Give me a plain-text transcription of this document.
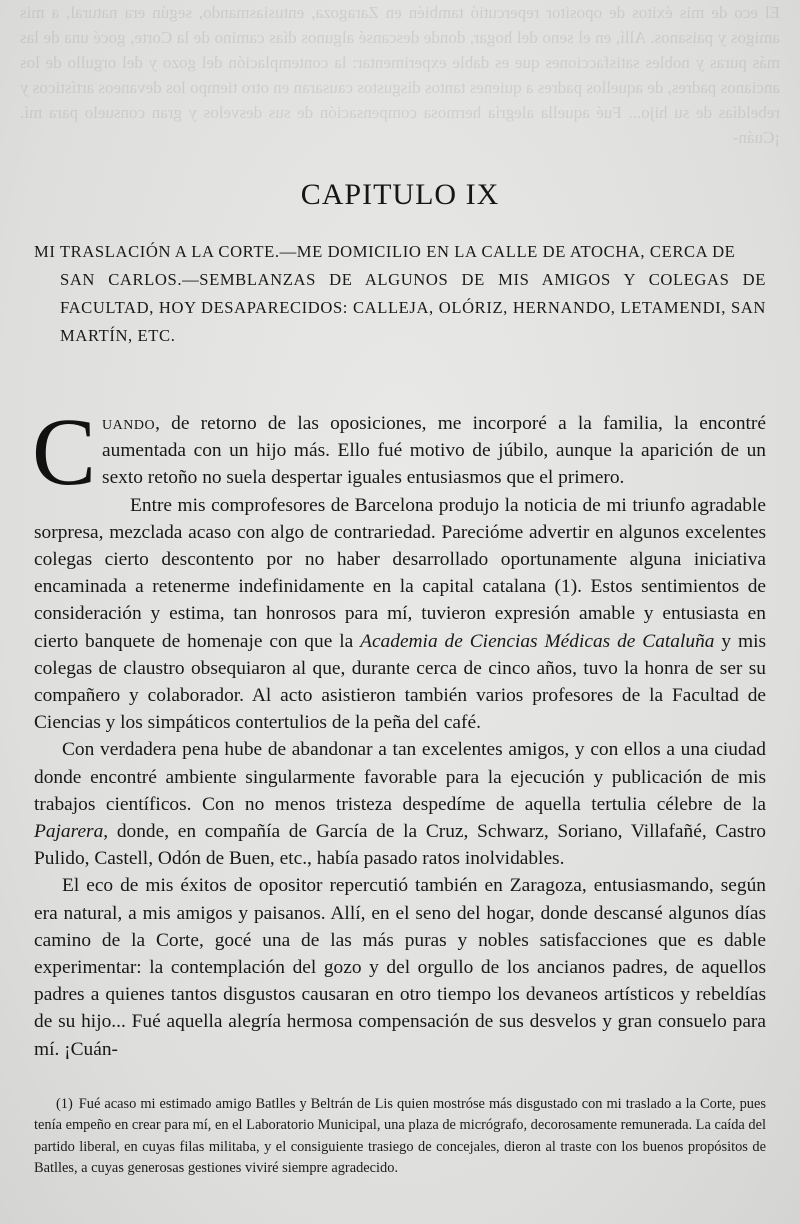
El eco de mis éxitos de opositor repercutió también en Zaragoza, entusiasmando, según era natural, a mis amigos y paisanos. Allí, en el seno del hogar, donde descansé algunos días camino de la Corte, gocé una de las más puras y nobles satisfacciones que es dable experimentar: la contemplación del gozo y del orgullo de los ancianos padres, de aquellos padres a quienes tantos disgustos causaran en otro tiempo los devaneos artísticos y rebeldías de su hijo... Fué aquella alegría hermosa compensación de sus desvelos y gran consuelo para mí. ¡Cuán-
CAPITULO IX
MI TRASLACIÓN A LA CORTE.—ME DOMICILIO EN LA CALLE DE ATOCHA, CERCA DE
SAN CARLOS.—SEMBLANZAS DE ALGUNOS DE MIS AMIGOS Y COLEGAS DE FACULTAD, HOY DESAPARECIDOS: CALLEJA, OLÓRIZ, HERNANDO, LETAMENDI, SAN MARTÍN, ETC.

Cuando, de retorno de las oposiciones, me incorporé a la familia, la encontré aumentada con un hijo más. Ello fué motivo de júbilo, aunque la aparición de un sexto retoño no suela despertar iguales entusiasmos que el primero.

Entre mis comprofesores de Barcelona produjo la noticia de mi triunfo agradable sorpresa, mezclada acaso con algo de contrariedad. Parecióme advertir en algunos excelentes colegas cierto descontento por no haber desarrollado oportunamente alguna iniciativa encaminada a retenerme indefinidamente en la capital catalana (1). Estos sentimientos de consideración y estima, tan honrosos para mí, tuvieron expresión amable y entusiasta en cierto banquete de homenaje con que la Academia de Ciencias Médicas de Cataluña y mis colegas de claustro obsequiaron al que, durante cerca de cinco años, tuvo la honra de ser su compañero y colaborador. Al acto asistieron también varios profesores de la Facultad de Ciencias y los simpáticos contertulios de la peña del café.

Con verdadera pena hube de abandonar a tan excelentes amigos, y con ellos a una ciudad donde encontré ambiente singularmente favorable para la ejecución y publicación de mis trabajos científicos. Con no menos tristeza despedíme de aquella tertulia célebre de la Pajarera, donde, en compañía de García de la Cruz, Schwarz, Soriano, Villafañé, Castro Pulido, Castell, Odón de Buen, etc., había pasado ratos inolvidables.

El eco de mis éxitos de opositor repercutió también en Zaragoza, entusiasmando, según era natural, a mis amigos y paisanos. Allí, en el seno del hogar, donde descansé algunos días camino de la Corte, gocé una de las más puras y nobles satisfacciones que es dable experimentar: la contemplación del gozo y del orgullo de los ancianos padres, de aquellos padres a quienes tantos disgustos causaran en otro tiempo los devaneos artísticos y rebeldías de su hijo... Fué aquella alegría hermosa compensación de sus desvelos y gran consuelo para mí. ¡Cuán-

(1) Fué acaso mi estimado amigo Batlles y Beltrán de Lis quien mostróse más disgustado con mi traslado a la Corte, pues tenía empeño en crear para mí, en el Laboratorio Municipal, una plaza de micrógrafo, decorosamente remunerada. La caída del partido liberal, en cuyas filas militaba, y el consiguiente trasiego de concejales, dieron al traste con los buenos propósitos de Batlles, a cuyas generosas gestiones viviré siempre agradecido.
